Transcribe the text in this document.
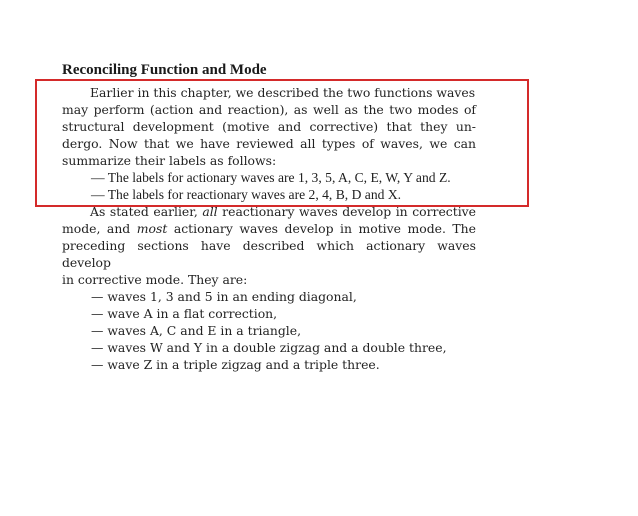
Reconciling Function and Mode
Earlier in this chapter, we described the two functions waves
may perform (action and reaction), as well as the two modes of
structural development (motive and corrective) that they un-
dergo. Now that we have reviewed all types of waves, we can
summarize their labels as follows:
— The labels for actionary waves are 1, 3, 5, A, C, E, W, Y and Z.
— The labels for reactionary waves are 2, 4, B, D and X.
As stated earlier, all reactionary waves develop in corrective
mode, and most actionary waves develop in motive mode. The
preceding sections have described which actionary waves develop
in corrective mode. They are:
— waves 1, 3 and 5 in an ending diagonal,
— wave A in a flat correction,
— waves A, C and E in a triangle,
— waves W and Y in a double zigzag and a double three,
— wave Z in a triple zigzag and a triple three.
